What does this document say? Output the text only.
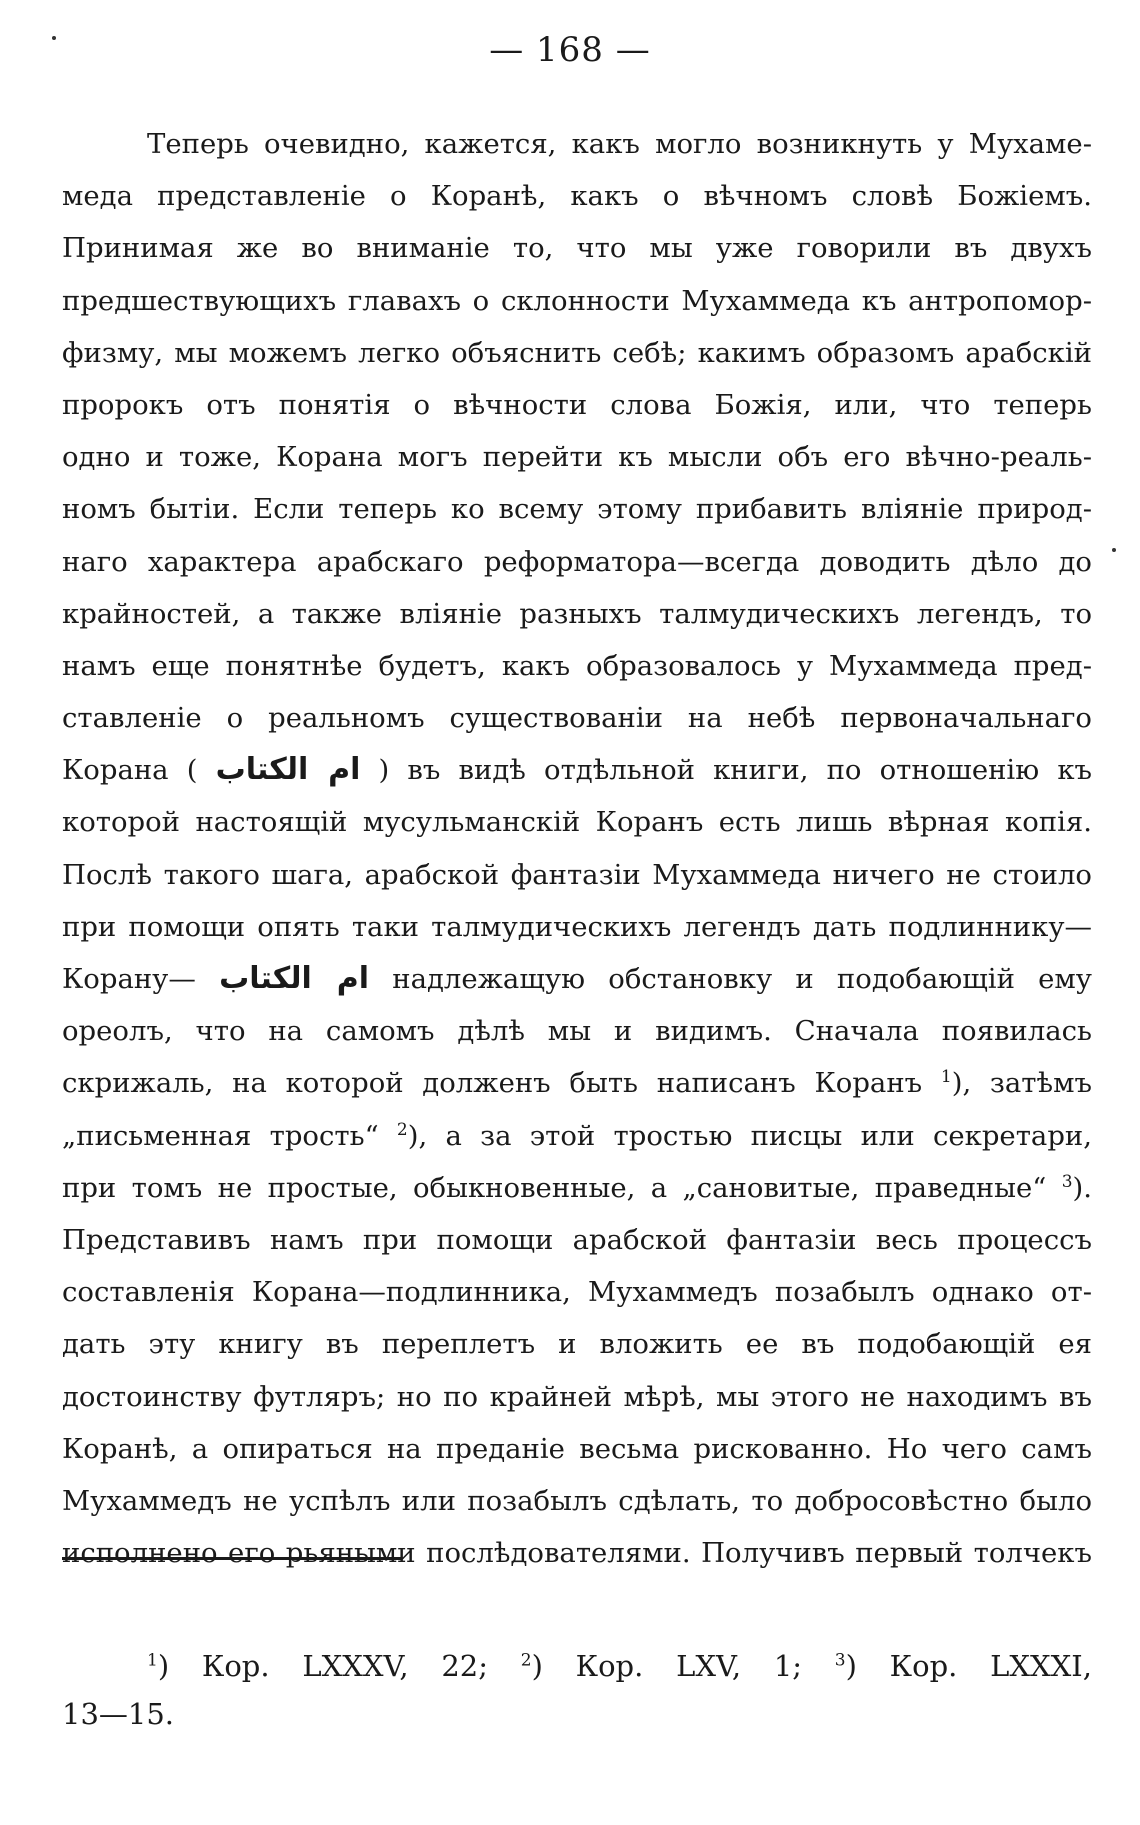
— 168 —
Теперь очевидно, кажется, какъ могло возникнуть у Мухаме-
меда представленіе о Коранѣ, какъ о вѣчномъ словѣ Божіемъ.
Принимая же во вниманіе то, что мы уже говорили въ двухъ
предшествующихъ главахъ о склонности Мухаммеда къ антропомор-
физму, мы можемъ легко объяснить себѣ; какимъ образомъ арабскій
пророкъ отъ понятія о вѣчности слова Божія, или, что теперь
одно и тоже, Корана могъ перейти къ мысли объ его вѣчно-реаль-
номъ бытіи. Если теперь ко всему этому прибавить вліяніе природ-
наго характера арабскаго реформатора—всегда доводить дѣло до
крайностей, а также вліяніе разныхъ талмудическихъ легендъ, то
намъ еще понятнѣе будетъ, какъ образовалось у Мухаммеда пред-
ставленіе о реальномъ существованіи на небѣ первоначальнаго
Корана ( ام الكتاب ) въ видѣ отдѣльной книги, по отношенію къ
которой настоящій мусульманскій Коранъ есть лишь вѣрная копія.
Послѣ такого шага, арабской фантазіи Мухаммеда ничего не стоило
при помощи опять таки талмудическихъ легендъ дать подлиннику—
Корану— ام الكتاب надлежащую обстановку и подобающій ему
ореолъ, что на самомъ дѣлѣ мы и видимъ. Сначала появилась
скрижаль, на которой долженъ быть написанъ Коранъ $^1$), затѣмъ
„письменная трость“ $^2$), а за этой тростью писцы или секретари,
при томъ не простые, обыкновенные, а „сановитые, праведные“ $^3$).
Представивъ намъ при помощи арабской фантазіи весь процессъ
составленія Корана—подлинника, Мухаммедъ позабылъ однако от-
дать эту книгу въ переплетъ и вложить ее въ подобающій ея
достоинству футляръ; но по крайней мѣрѣ, мы этого не находимъ въ
Коранѣ, а опираться на преданіе весьма рискованно. Но чего самъ
Мухаммедъ не успѣлъ или позабылъ сдѣлать, то добросовѣстно было
исполнено его рьяными послѣдователями. Получивъ первый толчекъ
$^1$) Кор. LXXXV, 22; $^2$) Кор. LXV, 1; $^3$) Кор. LXXXI,
13—15.
